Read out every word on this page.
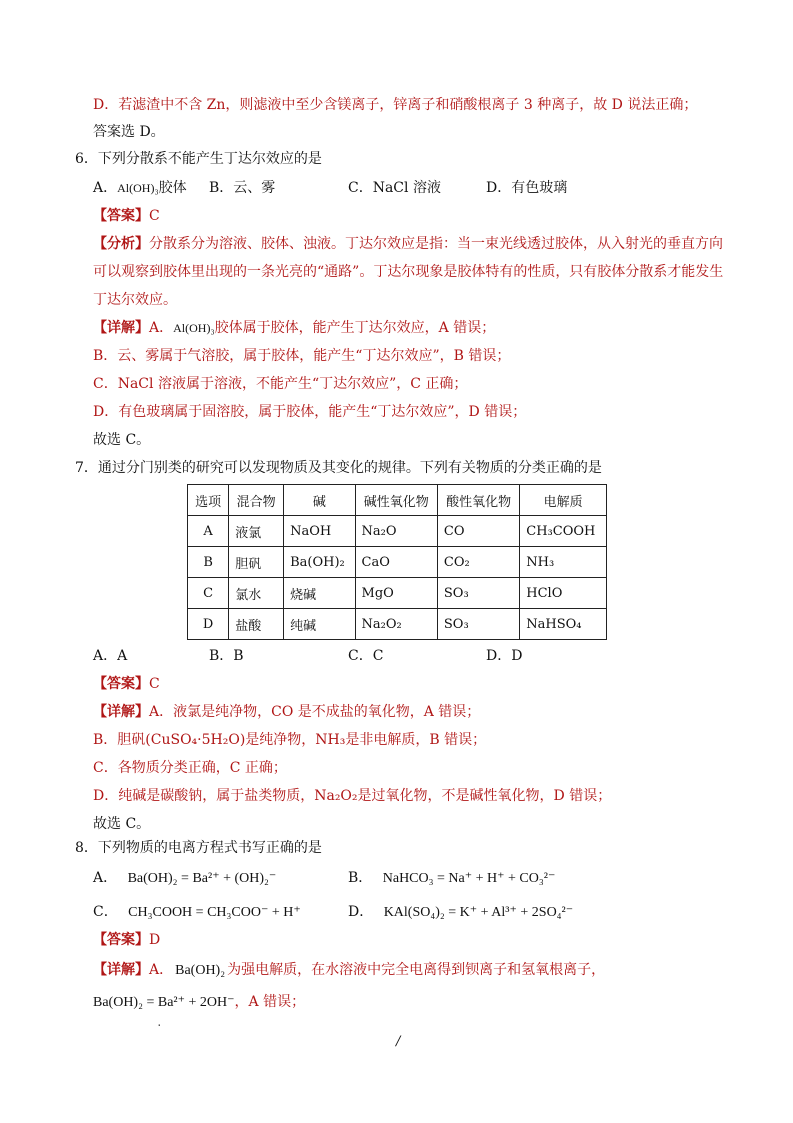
D．若滤渣中不含 Zn，则滤液中至少含镁离子，锌离子和硝酸根离子 3 种离子，故 D 说法正确；
答案选 D。
6．下列分散系不能产生丁达尔效应的是
A．Al(OH)₃胶体 B．云、雾	C．NaCl 溶液	D．有色玻璃
【答案】C
【分析】分散系分为溶液、胶体、浊液。丁达尔效应是指：当一束光线透过胶体，从入射光的垂直方向
可以观察到胶体里出现的一条光亮的“通路”。丁达尔现象是胶体特有的性质，只有胶体分散系才能发生
丁达尔效应。
【详解】A．Al(OH)₃胶体属于胶体，能产生丁达尔效应，A 错误；
B．云、雾属于气溶胶，属于胶体，能产生“丁达尔效应”，B 错误；
C．NaCl 溶液属于溶液，不能产生“丁达尔效应”，C 正确；
D．有色玻璃属于固溶胶，属于胶体，能产生“丁达尔效应”，D 错误；
故选 C。
7．通过分门别类的研究可以发现物质及其变化的规律。下列有关物质的分类正确的是
选项	混合物	碱	碱性氧化物	酸性氧化物	电解质
A	液氯	NaOH	Na₂O	CO	CH₃COOH
B	胆矾	Ba(OH)₂	CaO	CO₂	NH₃
C	氯水	烧碱	MgO	SO₃	HClO
D	盐酸	纯碱	Na₂O₂	SO₃	NaHSO₄
A．A	B．B	C．C	D．D
【答案】C
【详解】A．液氯是纯净物，CO 是不成盐的氧化物，A 错误；
B．胆矾(CuSO₄·5H₂O)是纯净物，NH₃是非电解质，B 错误；
C．各物质分类正确，C 正确；
D．纯碱是碳酸钠，属于盐类物质，Na₂O₂是过氧化物，不是碱性氧化物，D 错误；
故选 C。
8．下列物质的电离方程式书写正确的是
A． Ba(OH)₂ = Ba²⁺ + (OH)₂⁻	B． NaHCO₃ = Na⁺ + H⁺ + CO₃²⁻
C． CH₃COOH = CH₃COO⁻ + H⁺	D． KAl(SO₄)₂ = K⁺ + Al³⁺ + 2SO₄²⁻
【答案】D
【详解】A． Ba(OH)₂ 为强电解质，在水溶液中完全电离得到钡离子和氢氧根离子，
Ba(OH)₂ = Ba²⁺ + 2OH⁻，A 错误；
.
/
